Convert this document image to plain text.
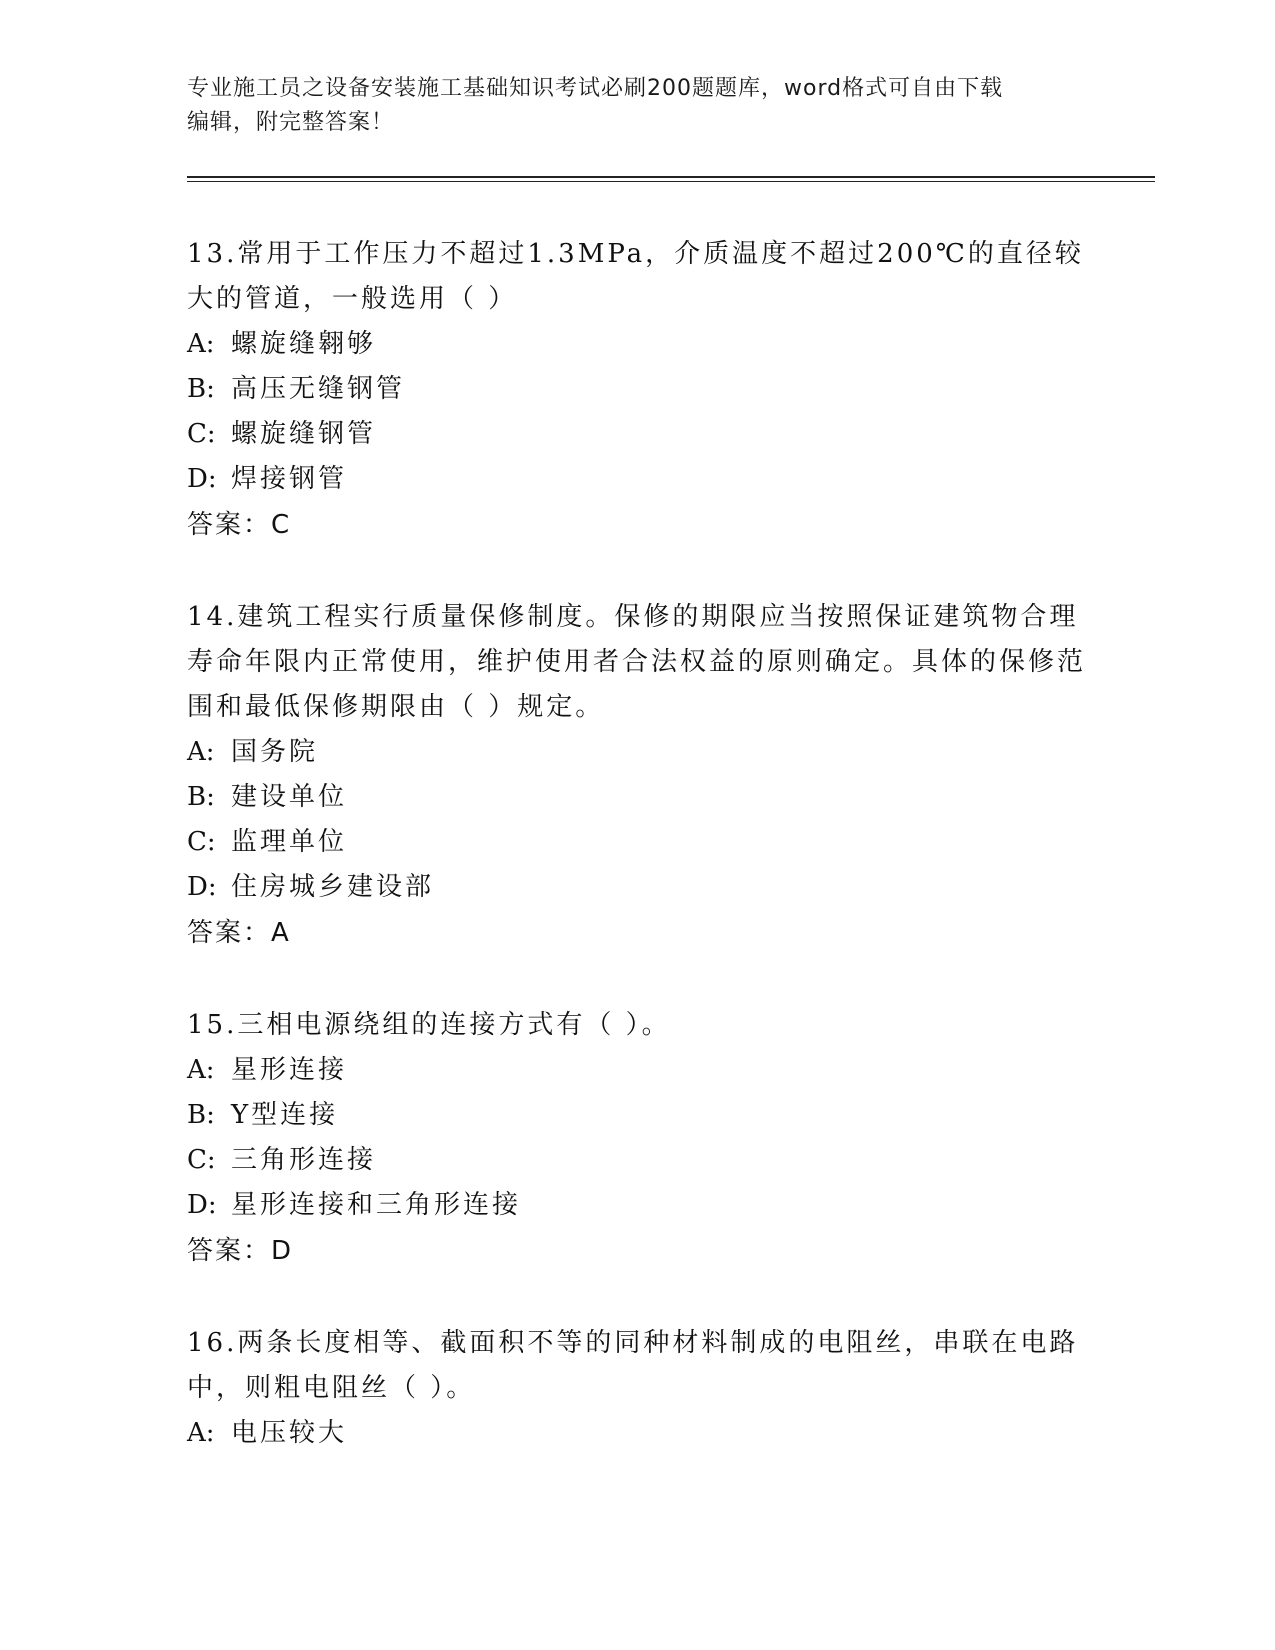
专业施工员之设备安装施工基础知识考试必刷200题题库，word格式可自由下载
编辑，附完整答案！

13.常用于工作压力不超过1.3MPa，介质温度不超过200℃的直径较大的管道，一般选用（ ）

A: 螺旋缝翱够
B: 高压无缝钢管
C: 螺旋缝钢管
D: 焊接钢管

答案：C

14.建筑工程实行质量保修制度。保修的期限应当按照保证建筑物合理寿命年限内正常使用，维护使用者合法权益的原则确定。具体的保修范围和最低保修期限由（ ）规定。

A: 国务院
B: 建设单位
C: 监理单位
D: 住房城乡建设部

答案：A

15.三相电源绕组的连接方式有（ ）。

A: 星形连接
B: Y型连接
C: 三角形连接
D: 星形连接和三角形连接

答案：D

16.两条长度相等、截面积不等的同种材料制成的电阻丝，串联在电路中，则粗电阻丝（ ）。

A: 电压较大
